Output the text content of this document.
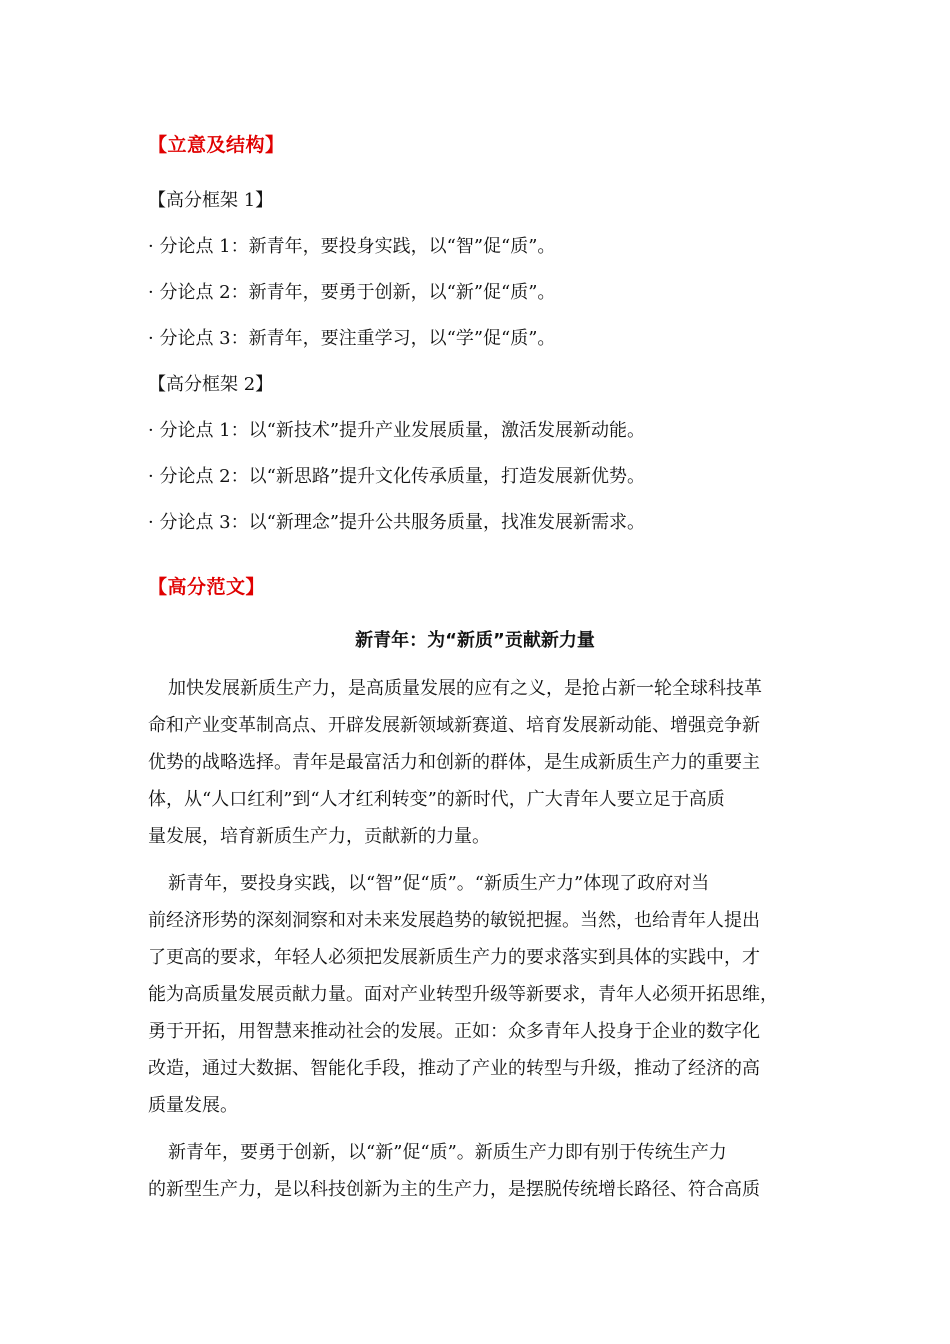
【立意及结构】
【高分框架 1】
· 分论点 1：新青年，要投身实践，以“智”促“质”。
· 分论点 2：新青年，要勇于创新，以“新”促“质”。
· 分论点 3：新青年，要注重学习，以“学”促“质”。
【高分框架 2】
· 分论点 1：以“新技术”提升产业发展质量，激活发展新动能。
· 分论点 2：以“新思路”提升文化传承质量，打造发展新优势。
· 分论点 3：以“新理念”提升公共服务质量，找准发展新需求。
【高分范文】
新青年：为“新质”贡献新力量
加快发展新质生产力，是高质量发展的应有之义，是抢占新一轮全球科技革
命和产业变革制高点、开辟发展新领域新赛道、培育发展新动能、增强竞争新
优势的战略选择。青年是最富活力和创新的群体，是生成新质生产力的重要主
体，从“人口红利”到“人才红利转变”的新时代，广大青年人要立足于高质
量发展，培育新质生产力，贡献新的力量。
新青年，要投身实践，以“智”促“质”。“新质生产力”体现了政府对当
前经济形势的深刻洞察和对未来发展趋势的敏锐把握。当然，也给青年人提出
了更高的要求，年轻人必须把发展新质生产力的要求落实到具体的实践中，才
能为高质量发展贡献力量。面对产业转型升级等新要求，青年人必须开拓思维，
勇于开拓，用智慧来推动社会的发展。正如：众多青年人投身于企业的数字化
改造，通过大数据、智能化手段，推动了产业的转型与升级，推动了经济的高
质量发展。
新青年，要勇于创新，以“新”促“质”。新质生产力即有别于传统生产力
的新型生产力，是以科技创新为主的生产力，是摆脱传统增长路径、符合高质
